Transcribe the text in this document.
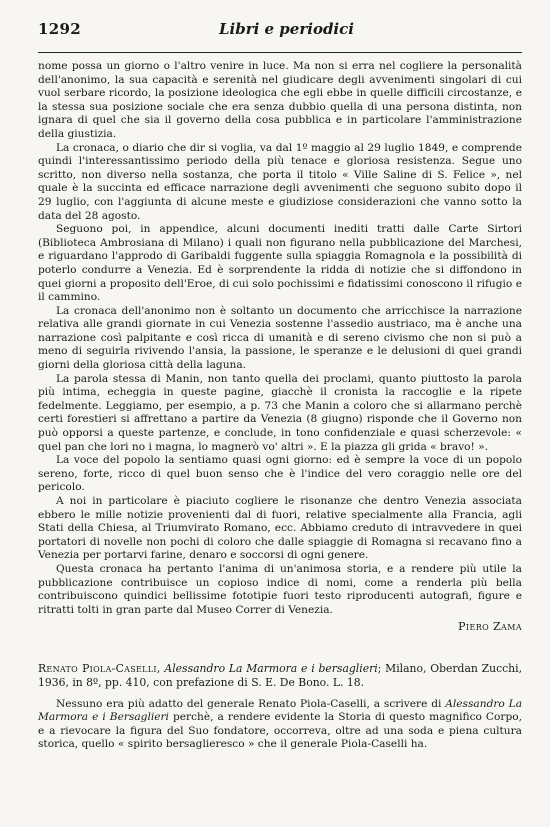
1292	Libri e periodici

nome possa un giorno o l'altro venire in luce. Ma non si erra nel cogliere la personalità dell'anonimo, la sua capacità e serenità nel giudicare degli avvenimenti singolari di cui vuol serbare ricordo, la posizione ideologica che egli ebbe in quelle difficili circostanze, e la stessa sua posizione sociale che era senza dubbio quella di una persona distinta, non ignara di quel che sia il governo della cosa pubblica e in particolare l'amministrazione della giustizia.

La cronaca, o diario che dir si voglia, va dal 1º maggio al 29 luglio 1849, e comprende quindi l'interessantissimo periodo della più tenace e gloriosa resistenza. Segue uno scritto, non diverso nella sostanza, che porta il titolo « Ville Saline di S. Felice », nel quale è la succinta ed efficace narrazione degli avvenimenti che seguono subito dopo il 29 luglio, con l'aggiunta di alcune meste e giudiziose considerazioni che vanno sotto la data del 28 agosto.

Seguono poi, in appendice, alcuni documenti inediti tratti dalle Carte Sirtori (Biblioteca Ambrosiana di Milano) i quali non figurano nella pubblicazione del Marchesi, e riguardano l'approdo di Garibaldi fuggente sulla spiaggia Romagnola e la possibilità di poterlo condurre a Venezia. Ed è sorprendente la ridda di notizie che si diffondono in quei giorni a proposito dell'Eroe, di cui solo pochissimi e fidatissimi conoscono il rifugio e il cammino.

La cronaca dell'anonimo non è soltanto un documento che arricchisce la narrazione relativa alle grandi giornate in cui Venezia sostenne l'assedio austriaco, ma è anche una narrazione così palpitante e così ricca di umanità e di sereno civismo che non si può a meno di seguirla rivivendo l'ansia, la passione, le speranze e le delusioni di quei grandi giorni della gloriosa città della laguna.

La parola stessa di Manin, non tanto quella dei proclami, quanto piuttosto la parola più intima, echeggia in queste pagine, giacchè il cronista la raccoglie e la ripete fedelmente. Leggiamo, per esempio, a p. 73 che Manin a coloro che si allarmano perchè certi forestieri si affrettano a partire da Venezia (8 giugno) risponde che il Governo non può opporsi a queste partenze, e conclude, in tono confidenziale e quasi scherzevole: « quel pan che lori no i magna, lo magnerò vo' altri ». E la piazza gli grida « bravo! ».

La voce del popolo la sentiamo quasi ogni giorno: ed è sempre la voce di un popolo sereno, forte, ricco di quel buon senso che è l'indice del vero coraggio nelle ore del pericolo.

A noi in particolare è piaciuto cogliere le risonanze che dentro Venezia associata ebbero le mille notizie provenienti dal di fuori, relative specialmente alla Francia, agli Stati della Chiesa, al Triumvirato Romano, ecc. Abbiamo creduto di intravvedere in quei portatori di novelle non pochi di coloro che dalle spiaggie di Romagna si recavano fino a Venezia per portarvi farine, denaro e soccorsi di ogni genere.

Questa cronaca ha pertanto l'anima di un'animosa storia, e a rendere più utile la pubblicazione contribuisce un copioso indice di nomi, come a renderla più bella contribuiscono quindici bellissime fototipie fuori testo riproducenti autografi, figure e ritratti tolti in gran parte dal Museo Correr di Venezia.

Piero Zama
Renato Piola-Caselli, Alessandro La Marmora e i bersaglieri; Milano, Oberdan Zucchi, 1936, in 8º, pp. 410, con prefazione di S. E. De Bono. L. 18.

Nessuno era più adatto del generale Renato Piola-Caselli, a scrivere di Alessandro La Marmora e i Bersaglieri perchè, a rendere evidente la Storia di questo magnifico Corpo, e a rievocare la figura del Suo fondatore, occorreva, oltre ad una soda e piena cultura storica, quello « spirito bersaglieresco » che il generale Piola-Caselli ha.
